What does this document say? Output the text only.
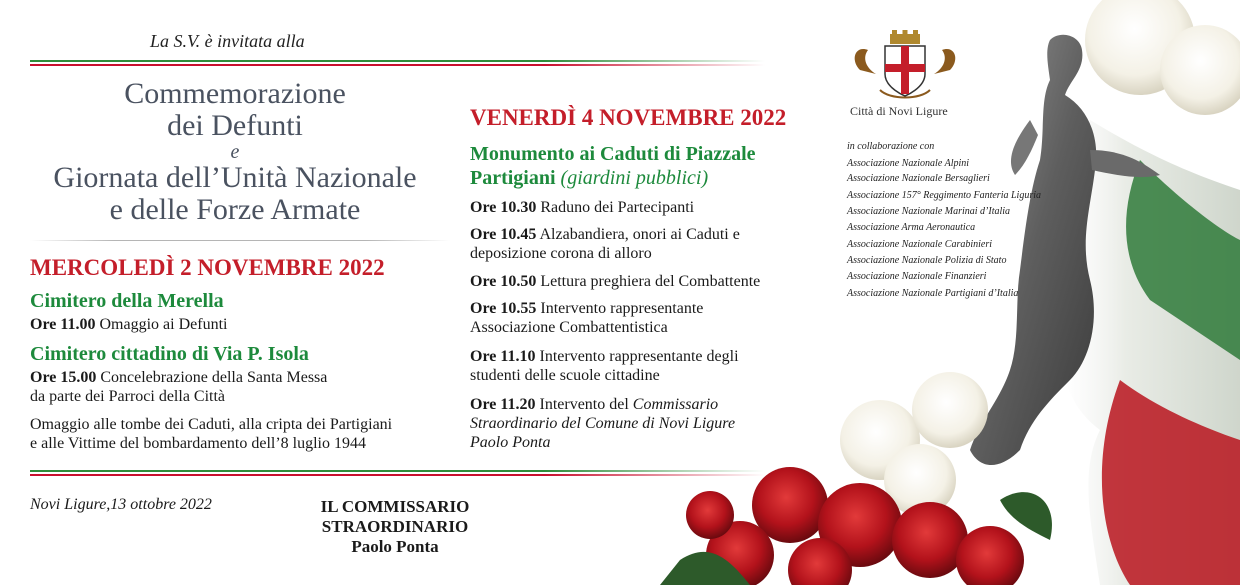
La S.V. è invitata alla
Commemorazione
dei Defunti
e
Giornata dell’Unità Nazionale
e delle Forze Armate
MERCOLEDÌ 2 NOVEMBRE 2022
Cimitero della Merella
Ore 11.00 Omaggio ai Defunti
Cimitero cittadino di Via P. Isola
Ore 15.00 Concelebrazione della Santa Messa
da parte dei Parroci della Città
Omaggio alle tombe dei Caduti, alla cripta dei Partigiani
e alle Vittime del bombardamento dell’8 luglio 1944
VENERDÌ 4 NOVEMBRE 2022
Monumento ai Caduti di Piazzale
Partigiani (giardini pubblici)
Ore 10.30 Raduno dei Partecipanti
Ore 10.45 Alzabandiera, onori ai Caduti e
deposizione corona di alloro
Ore 10.50 Lettura preghiera del Combattente
Ore 10.55 Intervento rappresentante
Associazione Combattentistica
Ore 11.10 Intervento rappresentante degli
studenti delle scuole cittadine
Ore 11.20 Intervento del Commissario
Straordinario del Comune di Novi Ligure
Paolo Ponta
Novi Ligure,13 ottobre 2022	IL COMMISSARIO
STRAORDINARIO
Paolo Ponta
Città di Novi Ligure
in collaborazione con
Associazione Nazionale Alpini
Associazione Nazionale Bersaglieri
Associazione 157° Reggimento Fanteria Liguria
Associazione Nazionale Marinai d’Italia
Associazione Arma Aeronautica
Associazione Nazionale Carabinieri
Associazione Nazionale Polizia di Stato
Associazione Nazionale Finanzieri
Associazione Nazionale Partigiani d’Italia
